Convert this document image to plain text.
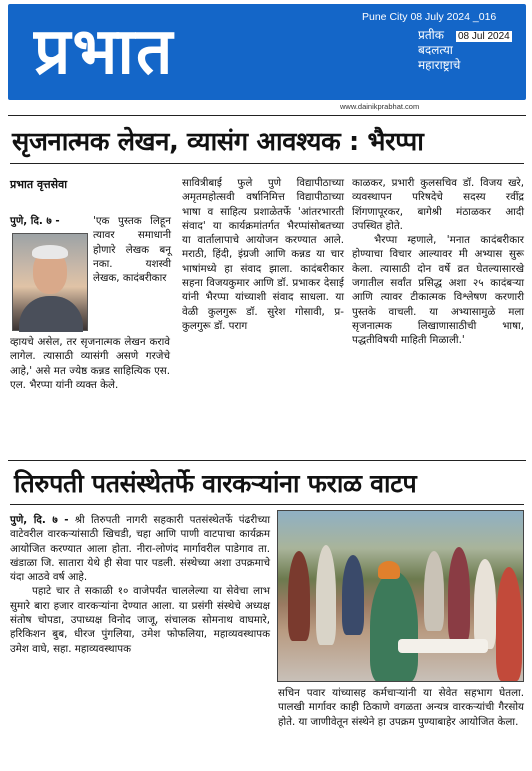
प्रभात	प्रतीक
बदलत्या
महाराष्ट्राचे
Pune City 08 July 2024 _016
08 Jul 2024
www.dainikprabhat.com
सृजनात्मक लेखन, व्यासंग आवश्यक : भैरप्पा
प्रभात वृत्तसेवा
पुणे, दि. ७ -	'एक पुस्तक लिहून त्यावर समाधानी होणारे लेखक बनू नका. यशस्वी लेखक, कादंबरीकार
व्हायचे असेल, तर सृजनात्मक लेखन करावे लागेल. त्यासाठी व्यासंगी असणे गरजेचे आहे,' असे मत ज्येष्ठ कन्नड साहित्यिक एस. एल. भैरप्पा यांनी व्यक्त केले.
सावित्रीबाई फुले पुणे विद्यापीठाच्या अमृतमहोत्सवी वर्षानिमित्त विद्यापीठाच्या भाषा व साहित्य प्रशाळेतर्फे 'आंतरभारती संवाद' या कार्यक्रमांतर्गत भैरप्पांसोबतच्या या वार्तालापाचे आयोजन करण्यात आले. मराठी, हिंदी, इंग्रजी आणि कन्नड या चार भाषांमध्ये हा संवाद झाला. कादंबरीकार सहना विजयकुमार आणि डॉ. प्रभाकर देसाई यांनी भैरप्पा यांच्याशी संवाद साधला. या वेळी कुलगुरू डॉ. सुरेश गोसावी, प्र- कुलगुरू डॉ. पराग
काळकर, प्रभारी कुलसचिव डॉ. विजय खरे, व्यवस्थापन परिषदेचे सदस्य रवींद्र शिंगणापूरकर, बागेश्री मंठाळकर आदी उपस्थित होते.
भैरप्पा म्हणाले, 'मनात कादंबरीकार होण्याचा विचार आल्यावर मी अभ्यास सुरू केला. त्यासाठी दोन वर्षे व्रत घेतल्यासारखे जगातील सर्वांत प्रसिद्ध अशा २५ कादंबऱ्या आणि त्यावर टीकात्मक विश्लेषण करणारी पुस्तके वाचली. या अभ्यासामुळे मला सृजनात्मक लिखाणासाठीची भाषा, पद्धतीविषयी माहिती मिळाली.'
तिरुपती पतसंस्थेतर्फे वारकऱ्यांना फराळ वाटप
पुणे, दि. ७ - श्री तिरुपती नागरी सहकारी पतसंस्थेतर्फे पंढरीच्या वाटेवरील वारकऱ्यांसाठी खिचडी, चहा आणि पाणी वाटपाचा कार्यक्रम आयोजित करण्यात आला होता. नीरा-लोणंद मार्गावरील पाडेगाव ता. खंडाळा जि. सातारा येथे ही सेवा पार पडली. संस्थेच्या अशा उपक्रमाचे यंदा आठवे वर्ष आहे.
पहाटे चार ते सकाळी १० वाजेपर्यंत चाललेल्या या सेवेचा लाभ सुमारे बारा हजार वारकऱ्यांना देण्यात आला. या प्रसंगी संस्थेचे अध्यक्ष संतोष चोपडा, उपाध्यक्ष विनोद जाजू, संचालक सोमनाथ वाघमारे, हरिकिशन बुब, धीरज पुंगलिया, उमेश फोफलिया, महाव्यवस्थापक उमेश वाघे, सहा. महाव्यवस्थापक
सचिन पवार यांच्यासह कर्मचाऱ्यांनी या सेवेत सहभाग घेतला. पालखी मार्गावर काही ठिकाणे वगळता अन्यत्र वारकऱ्यांची गैरसोय होते. या जाणीवेतून संस्थेने हा उपक्रम पुण्याबाहेर आयोजित केला.
